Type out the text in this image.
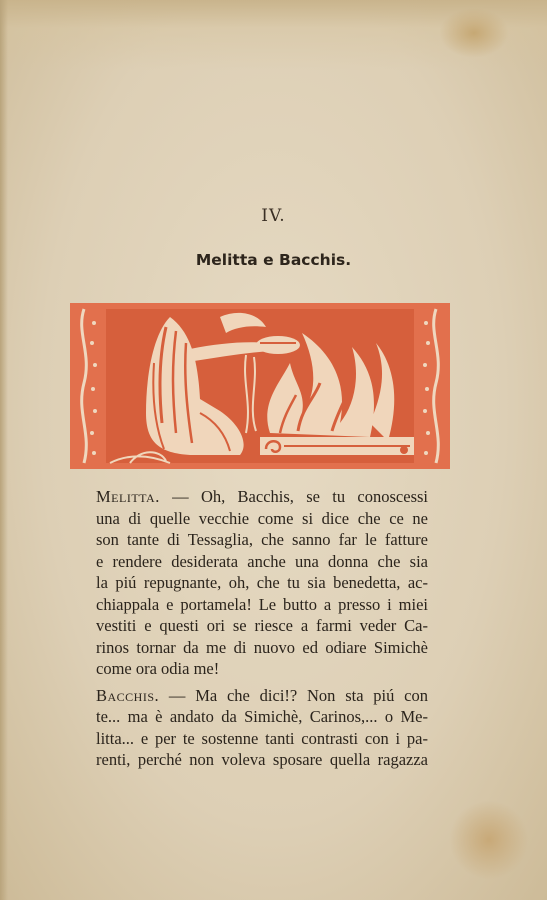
IV.
Melitta e Bacchis.
Melitta. — Oh, Bacchis, se tu conoscessi
una di quelle vecchie come si dice che ce ne
son tante di Tessaglia, che sanno far le fatture
e rendere desiderata anche una donna che sia
la piú repugnante, oh, che tu sia benedetta, ac-
chiappala e portamela! Le butto a presso i miei
vestiti e questi ori se riesce a farmi veder Ca-
rinos tornar da me di nuovo ed odiare Simichè
come ora odia me!
Bacchis. — Ma che dici!? Non sta piú con
te... ma è andato da Simichè, Carinos,... o Me-
litta... e per te sostenne tanti contrasti con i pa-
renti, perché non voleva sposare quella ragazza
